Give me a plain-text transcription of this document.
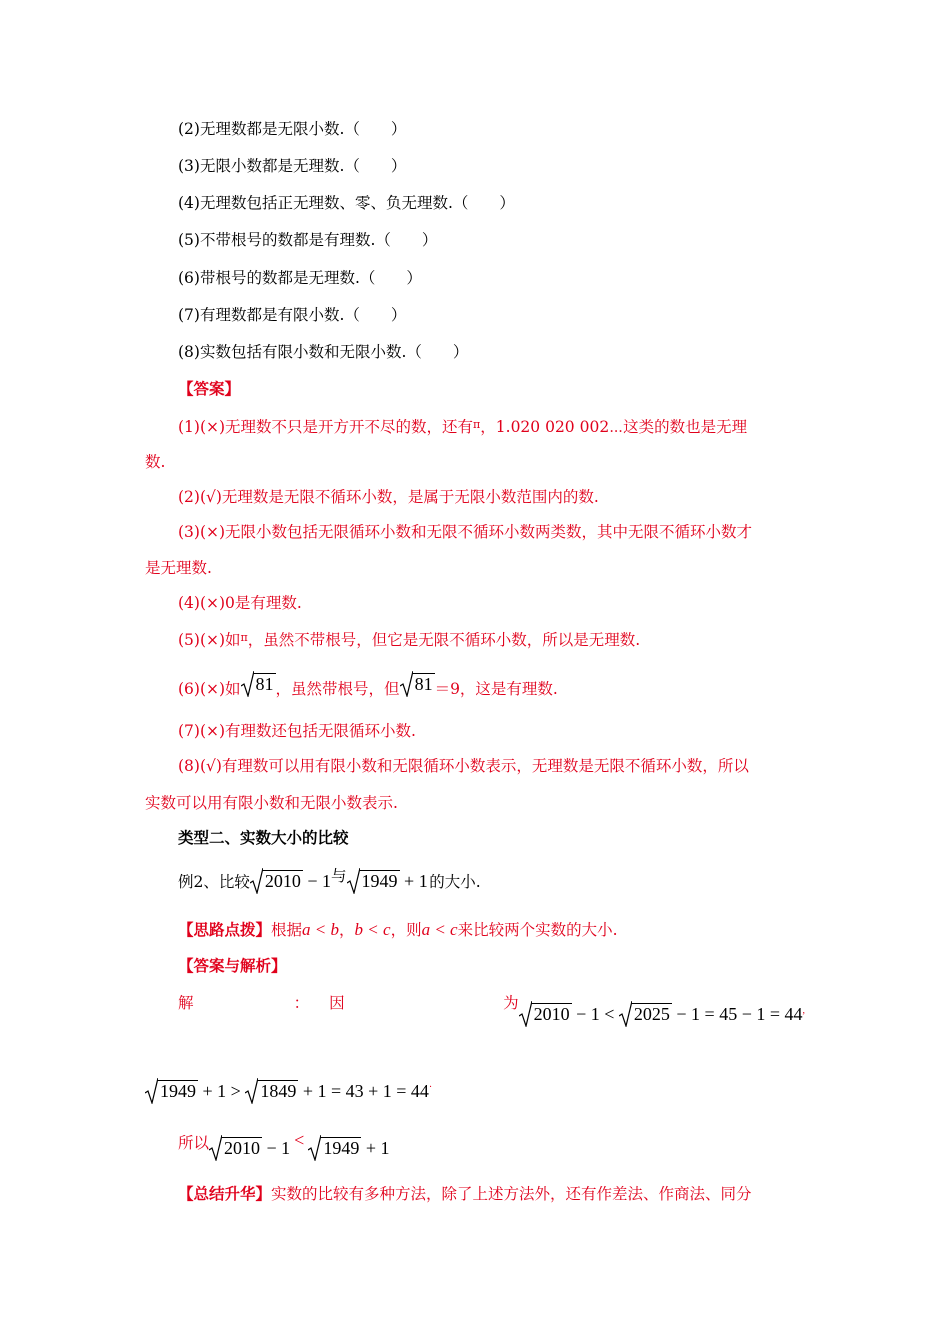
(2)无理数都是无限小数.（　　）
(3)无限小数都是无理数.（　　）
(4)无理数包括正无理数、零、负无理数.（　　）
(5)不带根号的数都是有理数.（　　）
(6)带根号的数都是无理数.（　　）
(7)有理数都是有限小数.（　　）
(8)实数包括有限小数和无限小数.（　　）
【答案】
(1)(×)无理数不只是开方开不尽的数，还有$^\pi$，1.020 020 002⋯这类的数也是无理
数.
(2)(√)无理数是无限不循环小数，是属于无限小数范围内的数.
(3)(×)无限小数包括无限循环小数和无限不循环小数两类数，其中无限不循环小数才
是无理数.
(4)(×)0是有理数.
(5)(×)如$^\pi$，虽然不带根号，但它是无限不循环小数，所以是无理数.
(6)(×)如 81 ，虽然带根号，但 81 ＝9，这是有理数.
(7)(×)有理数还包括无限循环小数.
(8)(√)有理数可以用有限小数和无限循环小数表示，无理数是无限不循环小数，所以
实数可以用有限小数和无限小数表示.
类型二、实数大小的比较
例2、比较 2010 − 1与 1949 + 1 的大小.
【思路点拨】根据a < b，b < c，则a < c来比较两个实数的大小.
【答案与解析】
解	： 因	为
2010 − 1 <
2025 − 1 = 45 − 1 = 44,
1949 + 1 >
1849 + 1 = 43 + 1 = 44·
所以 2010 − 1 < 1949 + 1
【总结升华】实数的比较有多种方法，除了上述方法外，还有作差法、作商法、同分
